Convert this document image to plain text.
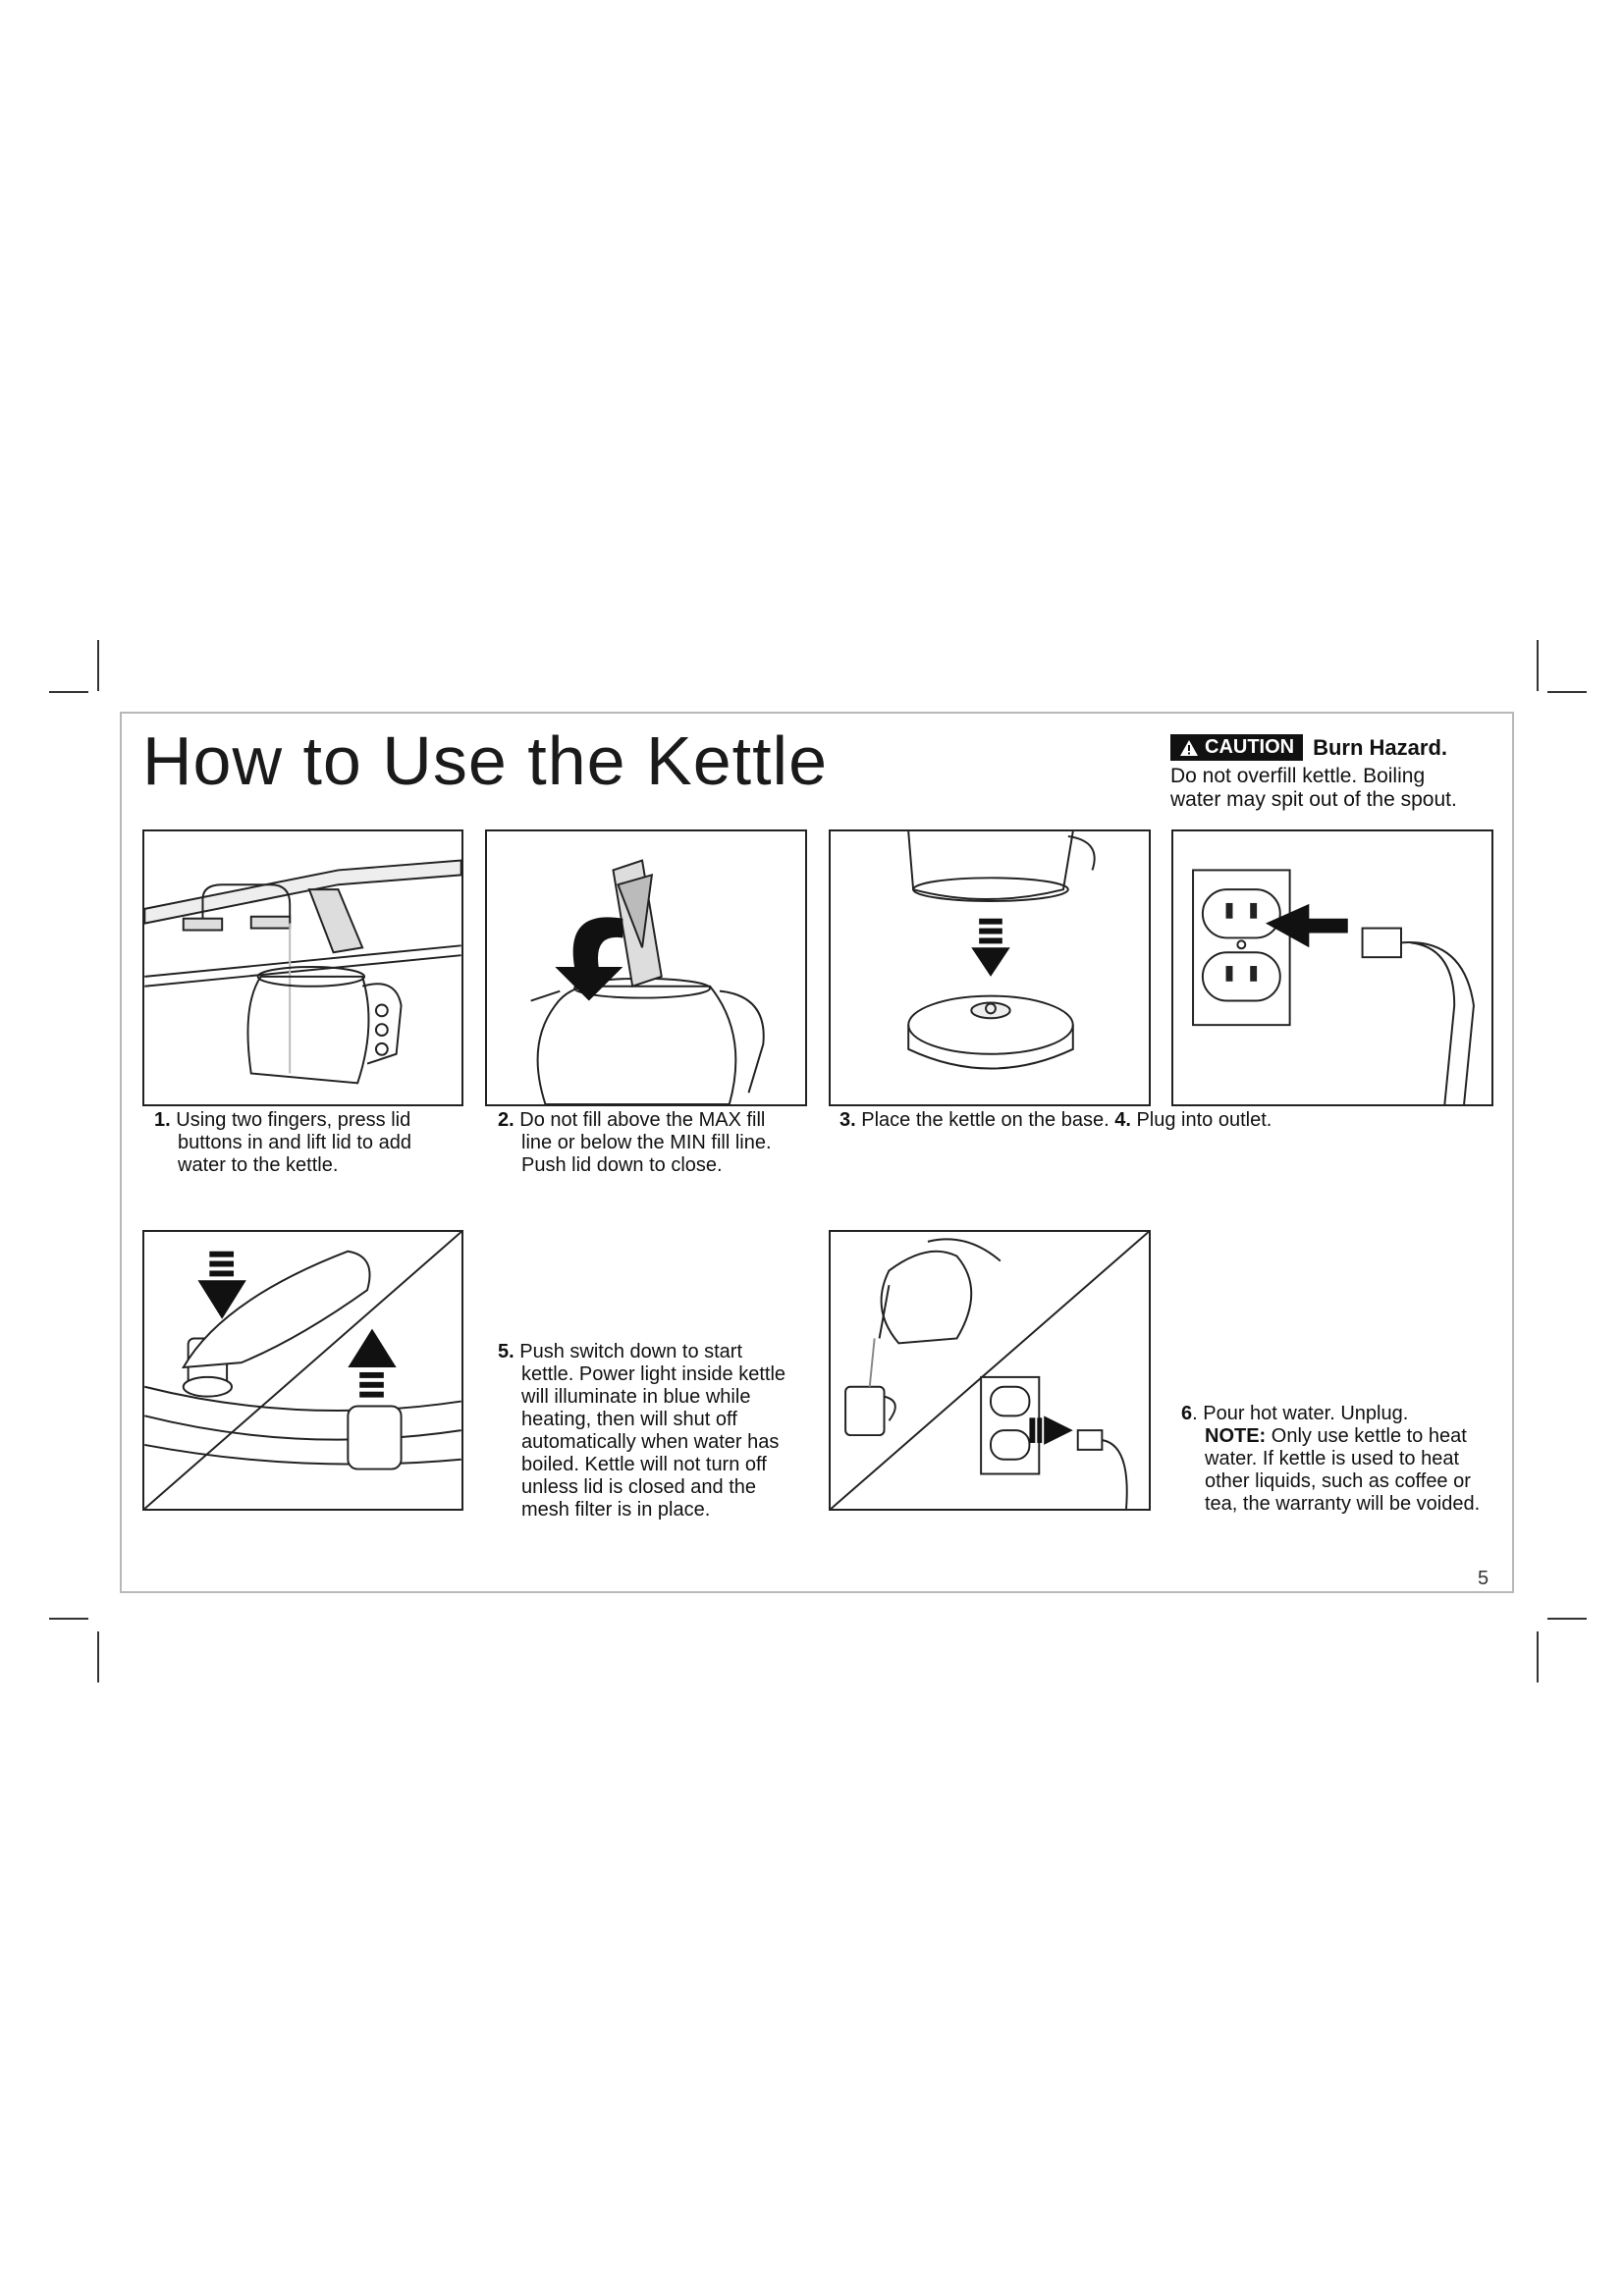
How to Use the Kettle	CAUTION Burn Hazard.
Do not overfill kettle. Boiling
water may spit out of the spout.
1. Using two fingers, press lid
buttons in and lift lid to add
water to the kettle.
2. Do not fill above the MAX fill
line or below the MIN fill line.
Push lid down to close.
3. Place the kettle on the base. 4. Plug into outlet.
5. Push switch down to start
kettle. Power light inside kettle
will illuminate in blue while
heating, then will shut off
automatically when water has
boiled. Kettle will not turn off
unless lid is closed and the
mesh filter is in place.
6. Pour hot water. Unplug.
NOTE: Only use kettle to heat
water. If kettle is used to heat
other liquids, such as coffee or
tea, the warranty will be voided.
5
